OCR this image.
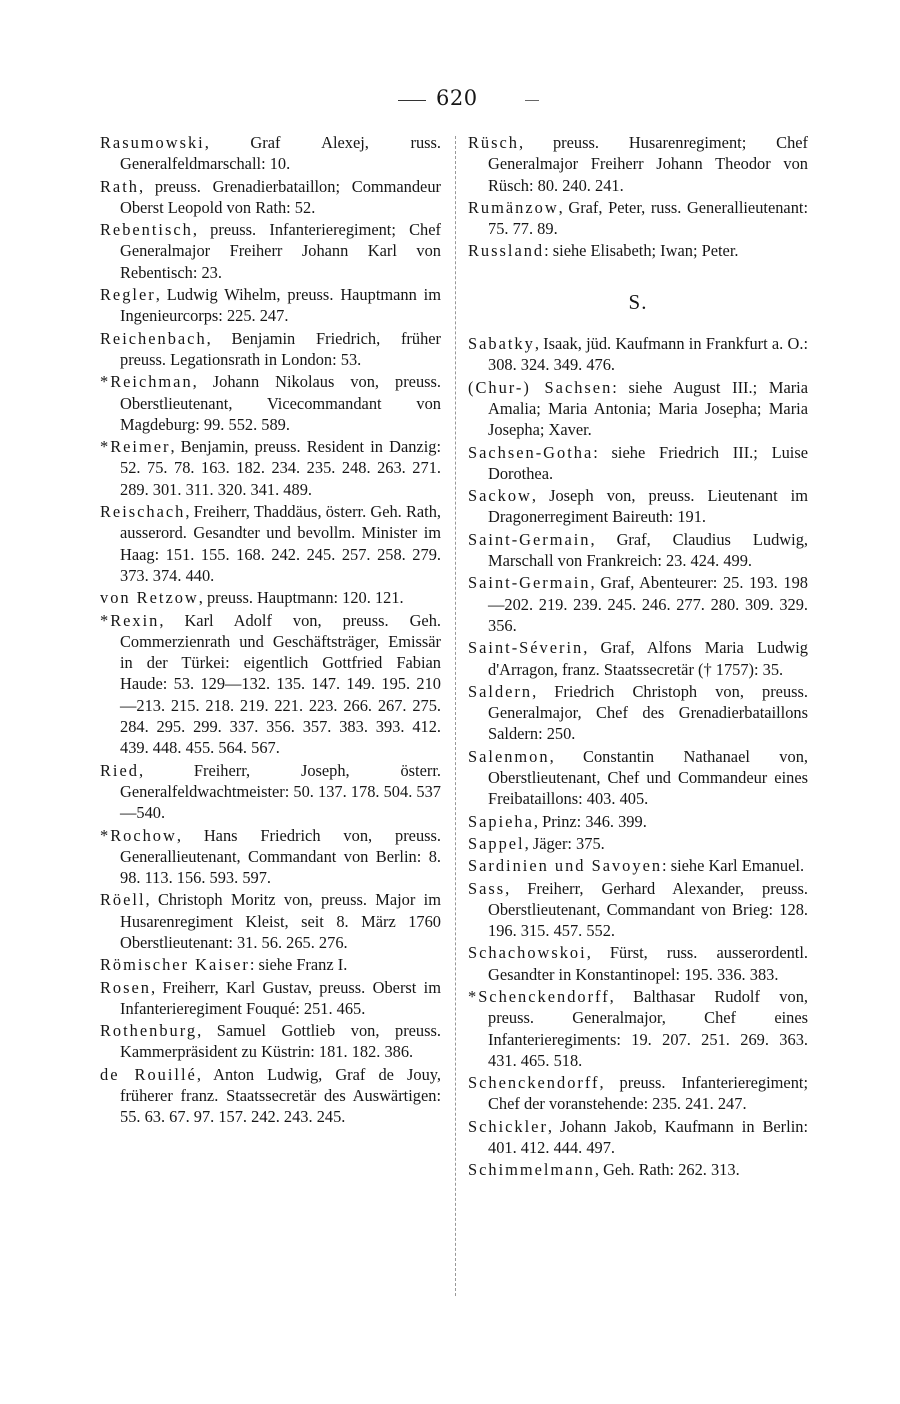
620
Rasumowski, Graf Alexej, russ. Generalfeldmarschall: 10.
Rath, preuss. Grenadierbataillon; Commandeur Oberst Leopold von Rath: 52.
Rebentisch, preuss. Infanterieregiment; Chef Generalmajor Freiherr Johann Karl von Rebentisch: 23.
Regler, Ludwig Wihelm, preuss. Hauptmann im Ingenieurcorps: 225. 247.
Reichenbach, Benjamin Friedrich, früher preuss. Legationsrath in London: 53.
*Reichman, Johann Nikolaus von, preuss. Oberstlieutenant, Vicecommandant von Magdeburg: 99. 552. 589.
*Reimer, Benjamin, preuss. Resident in Danzig: 52. 75. 78. 163. 182. 234. 235. 248. 263. 271. 289. 301. 311. 320. 341. 489.
Reischach, Freiherr, Thaddäus, österr. Geh. Rath, ausserord. Gesandter und bevollm. Minister im Haag: 151. 155. 168. 242. 245. 257. 258. 279. 373. 374. 440.
von Retzow, preuss. Hauptmann: 120. 121.
*Rexin, Karl Adolf von, preuss. Geh. Commerzienrath und Geschäftsträger, Emissär in der Türkei: eigentlich Gottfried Fabian Haude: 53. 129—132. 135. 147. 149. 195. 210—213. 215. 218. 219. 221. 223. 266. 267. 275. 284. 295. 299. 337. 356. 357. 383. 393. 412. 439. 448. 455. 564. 567.
Ried, Freiherr, Joseph, österr. Generalfeldwachtmeister: 50. 137. 178. 504. 537—540.
*Rochow, Hans Friedrich von, preuss. Generallieutenant, Commandant von Berlin: 8. 98. 113. 156. 593. 597.
Röell, Christoph Moritz von, preuss. Major im Husarenregiment Kleist, seit 8. März 1760 Oberstlieutenant: 31. 56. 265. 276.
Römischer Kaiser: siehe Franz I.
Rosen, Freiherr, Karl Gustav, preuss. Oberst im Infanterieregiment Fouqué: 251. 465.
Rothenburg, Samuel Gottlieb von, preuss. Kammerpräsident zu Küstrin: 181. 182. 386.
de Rouillé, Anton Ludwig, Graf de Jouy, früherer franz. Staatssecretär des Auswärtigen: 55. 63. 67. 97. 157. 242. 243. 245.
Rüsch, preuss. Husarenregiment; Chef Generalmajor Freiherr Johann Theodor von Rüsch: 80. 240. 241.
Rumänzow, Graf, Peter, russ. Generallieutenant: 75. 77. 89.
Russland: siehe Elisabeth; Iwan; Peter.
S.
Sabatky, Isaak, jüd. Kaufmann in Frankfurt a. O.: 308. 324. 349. 476.
(Chur-) Sachsen: siehe August III.; Maria Amalia; Maria Antonia; Maria Josepha; Maria Josepha; Xaver.
Sachsen-Gotha: siehe Friedrich III.; Luise Dorothea.
Sackow, Joseph von, preuss. Lieutenant im Dragonerregiment Baireuth: 191.
Saint-Germain, Graf, Claudius Ludwig, Marschall von Frankreich: 23. 424. 499.
Saint-Germain, Graf, Abenteurer: 25. 193. 198—202. 219. 239. 245. 246. 277. 280. 309. 329. 356.
Saint-Séverin, Graf, Alfons Maria Ludwig d'Arragon, franz. Staatssecretär († 1757): 35.
Saldern, Friedrich Christoph von, preuss. Generalmajor, Chef des Grenadierbataillons Saldern: 250.
Salenmon, Constantin Nathanael von, Oberstlieutenant, Chef und Commandeur eines Freibataillons: 403. 405.
Sapieha, Prinz: 346. 399.
Sappel, Jäger: 375.
Sardinien und Savoyen: siehe Karl Emanuel.
Sass, Freiherr, Gerhard Alexander, preuss. Oberstlieutenant, Commandant von Brieg: 128. 196. 315. 457. 552.
Schachowskoi, Fürst, russ. ausserordentl. Gesandter in Konstantinopel: 195. 336. 383.
*Schenckendorff, Balthasar Rudolf von, preuss. Generalmajor, Chef eines Infanterieregiments: 19. 207. 251. 269. 363. 431. 465. 518.
Schenckendorff, preuss. Infanterieregiment; Chef der voranstehende: 235. 241. 247.
Schickler, Johann Jakob, Kaufmann in Berlin: 401. 412. 444. 497.
Schimmelmann, Geh. Rath: 262. 313.
